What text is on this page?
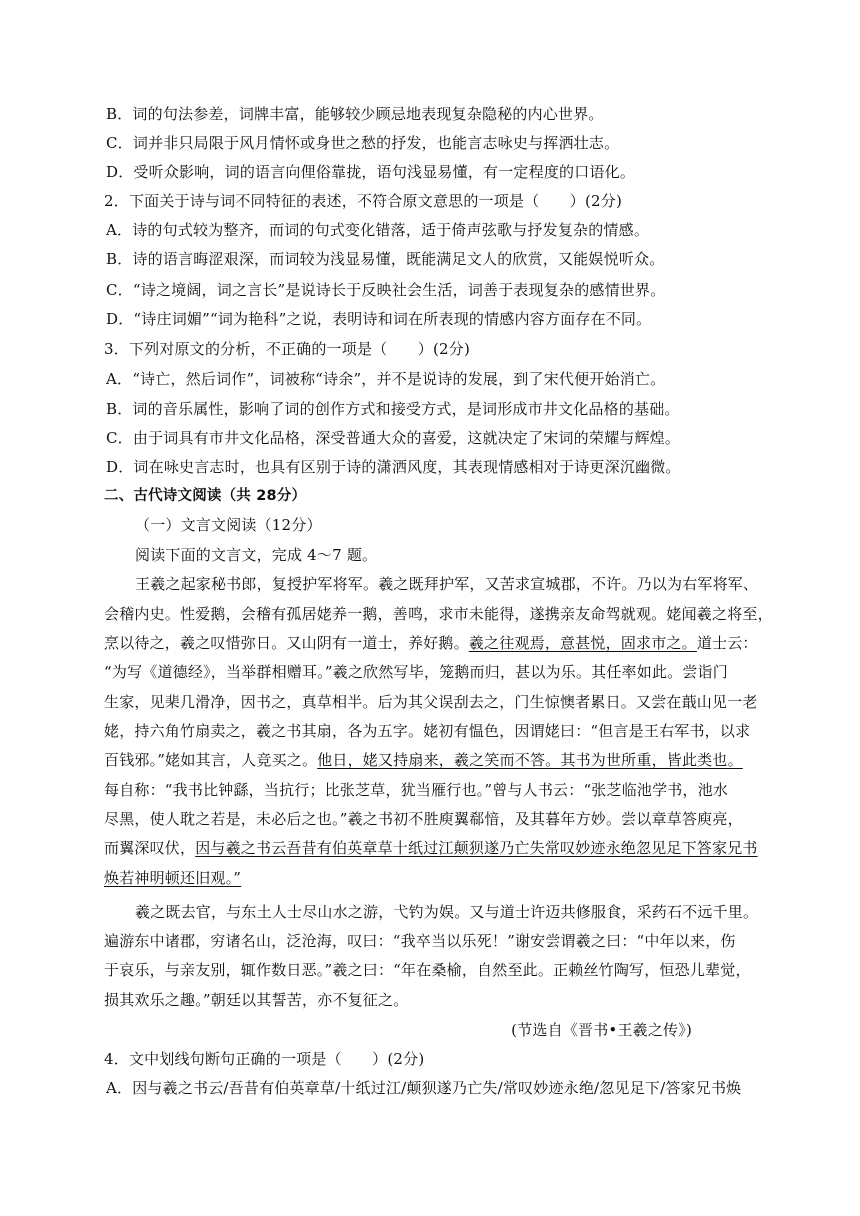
B．词的句法参差，词牌丰富，能够较少顾忌地表现复杂隐秘的内心世界。
C．词并非只局限于风月情怀或身世之愁的抒发，也能言志咏史与挥洒壮志。
D．受听众影响，词的语言向俚俗靠拢，语句浅显易懂，有一定程度的口语化。
2．下面关于诗与词不同特征的表述，不符合原文意思的一项是（　　）(2分)
A．诗的句式较为整齐，而词的句式变化错落，适于倚声弦歌与抒发复杂的情感。
B．诗的语言晦涩艰深，而词较为浅显易懂，既能满足文人的欣赏，又能娱悦听众。
C．“诗之境阔，词之言长”是说诗长于反映社会生活，词善于表现复杂的感情世界。
D．“诗庄词媚”“词为艳科”之说，表明诗和词在所表现的情感内容方面存在不同。
3．下列对原文的分析，不正确的一项是（　　）(2分)
A．“诗亡，然后词作”，词被称“诗余”，并不是说诗的发展，到了宋代便开始消亡。
B．词的音乐属性，影响了词的创作方式和接受方式，是词形成市井文化品格的基础。
C．由于词具有市井文化品格，深受普通大众的喜爱，这就决定了宋词的荣耀与辉煌。
D．词在咏史言志时，也具有区别于诗的潇洒风度，其表现情感相对于诗更深沉幽微。
二、古代诗文阅读（共 28分）
（一）文言文阅读（12分）
阅读下面的文言文，完成 4～7 题。
王羲之起家秘书郎，复授护军将军。羲之既拜护军，又苦求宣城郡，不许。乃以为右军将军、
会稽内史。性爱鹅，会稽有孤居姥养一鹅，善鸣，求市未能得，遂携亲友命驾就观。姥闻羲之将至，
烹以待之，羲之叹惜弥日。又山阴有一道士，养好鹅。羲之往观焉，意甚悦，固求市之。道士云：
“为写《道德经》，当举群相赠耳。”羲之欣然写毕，笼鹅而归，甚以为乐。其任率如此。尝诣门
生家，见棐几滑净，因书之，真草相半。后为其父误刮去之，门生惊懊者累日。又尝在蕺山见一老
姥，持六角竹扇卖之，羲之书其扇，各为五字。姥初有愠色，因谓姥曰：“但言是王右军书，以求
百钱邪。”姥如其言，人竞买之。他日，姥又持扇来，羲之笑而不答。其书为世所重，皆此类也。
每自称：“我书比钟繇，当抗行；比张芝草，犹当雁行也。”曾与人书云：“张芝临池学书，池水
尽黑，使人耽之若是，未必后之也。”羲之书初不胜庾翼郗愔，及其暮年方妙。尝以章草答庾亮，
而翼深叹伏，因与羲之书云吾昔有伯英章草十纸过江颠狈遂乃亡失常叹妙迹永绝忽见足下答家兄书
焕若神明顿还旧观。”
羲之既去官，与东土人士尽山水之游，弋钓为娱。又与道士许迈共修服食，采药石不远千里。
遍游东中诸郡，穷诸名山，泛沧海，叹曰：“我卒当以乐死！”谢安尝谓羲之曰：“中年以来，伤
于哀乐，与亲友别，辄作数日恶。”羲之曰：“年在桑榆，自然至此。正赖丝竹陶写，恒恐儿辈觉，
损其欢乐之趣。”朝廷以其誓苦，亦不复征之。
(节选自《晋书•王羲之传》)
4．文中划线句断句正确的一项是（　　）(2分)
A．因与羲之书云/吾昔有伯英章草/十纸过江/颠狈遂乃亡失/常叹妙迹永绝/忽见足下/答家兄书焕
